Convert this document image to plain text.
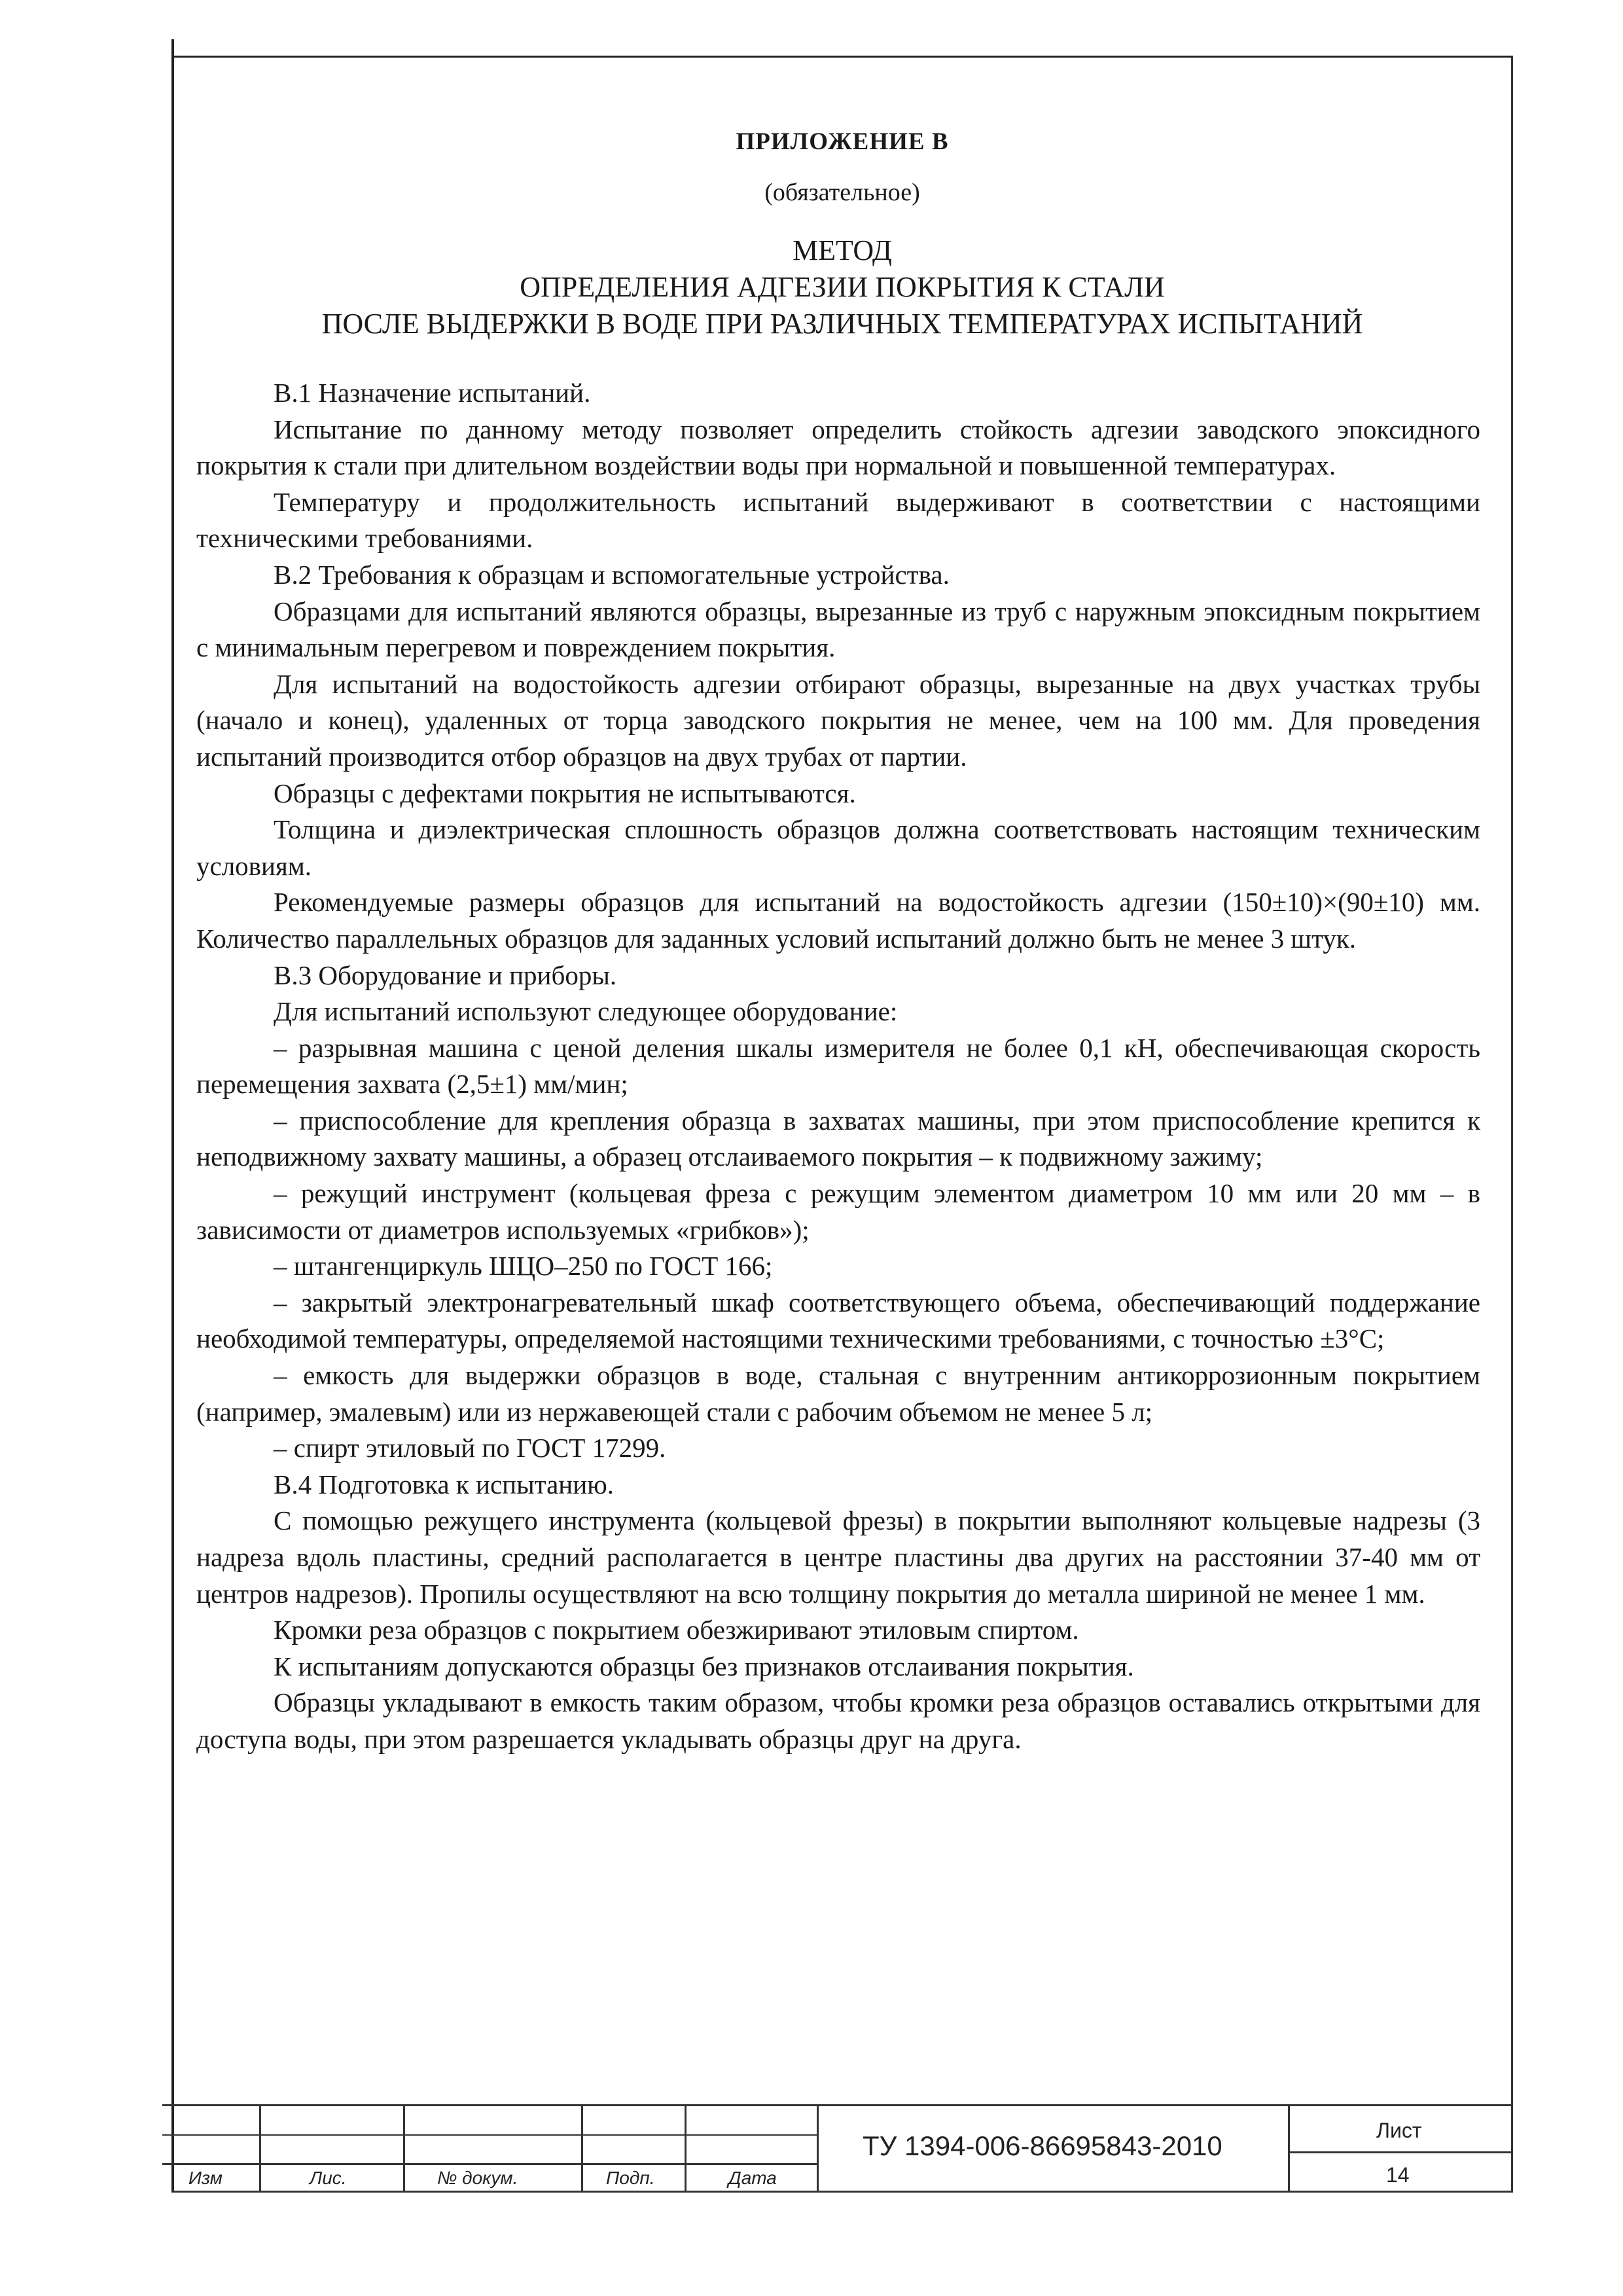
ПРИЛОЖЕНИЕ В
(обязательное)
МЕТОД
ОПРЕДЕЛЕНИЯ АДГЕЗИИ ПОКРЫТИЯ К СТАЛИ
ПОСЛЕ ВЫДЕРЖКИ В ВОДЕ ПРИ РАЗЛИЧНЫХ ТЕМПЕРАТУРАХ ИСПЫТАНИЙ

В.1 Назначение испытаний.

Испытание по данному методу позволяет определить стойкость адгезии заводского эпоксидного покрытия к стали при длительном воздействии воды при нормальной и повышенной температурах.

Температуру и продолжительность испытаний выдерживают в соответствии с настоящими техническими требованиями.

В.2 Требования к образцам и вспомогательные устройства.

Образцами для испытаний являются образцы, вырезанные из труб с наружным эпоксидным покрытием с минимальным перегревом и повреждением покрытия.

Для испытаний на водостойкость адгезии отбирают образцы, вырезанные на двух участках трубы (начало и конец), удаленных от торца заводского покрытия не менее, чем на 100 мм. Для проведения испытаний производится отбор образцов на двух трубах от партии.

Образцы с дефектами покрытия не испытываются.

Толщина и диэлектрическая сплошность образцов должна соответствовать настоящим техническим условиям.

Рекомендуемые размеры образцов для испытаний на водостойкость адгезии (150±10)×(90±10) мм. Количество параллельных образцов для заданных условий испытаний должно быть не менее 3 штук.

В.3 Оборудование и приборы.

Для испытаний используют следующее оборудование:

– разрывная машина с ценой деления шкалы измерителя не более 0,1 кН, обеспечивающая скорость перемещения захвата (2,5±1) мм/мин;

– приспособление для крепления образца в захватах машины, при этом приспособление крепится к неподвижному захвату машины, а образец отслаиваемого покрытия – к подвижному зажиму;

– режущий инструмент (кольцевая фреза с режущим элементом диаметром 10 мм или 20 мм – в зависимости от диаметров используемых «грибков»);

– штангенциркуль ШЦО–250 по ГОСТ 166;

– закрытый электронагревательный шкаф соответствующего объема, обеспечивающий поддержание необходимой температуры, определяемой настоящими техническими требованиями, с точностью ±3°С;

– емкость для выдержки образцов в воде, стальная с внутренним антикоррозионным покрытием (например, эмалевым) или из нержавеющей стали с рабочим объемом не менее 5 л;

– спирт этиловый по ГОСТ 17299.

В.4 Подготовка к испытанию.

С помощью режущего инструмента (кольцевой фрезы) в покрытии выполняют кольцевые надрезы (3 надреза вдоль пластины, средний располагается в центре пластины два других на расстоянии 37-40 мм от центров надрезов). Пропилы осуществляют на всю толщину покрытия до металла шириной не менее 1 мм.

Кромки реза образцов с покрытием обезжиривают этиловым спиртом.

К испытаниям допускаются образцы без признаков отслаивания покрытия.

Образцы укладывают в емкость таким образом, чтобы кромки реза образцов оставались открытыми для доступа воды, при этом разрешается укладывать образцы друг на друга.

Изм	Лис.	№ докум.	Подп.	Дата
ТУ 1394-006-86695843-2010	Лист
14
